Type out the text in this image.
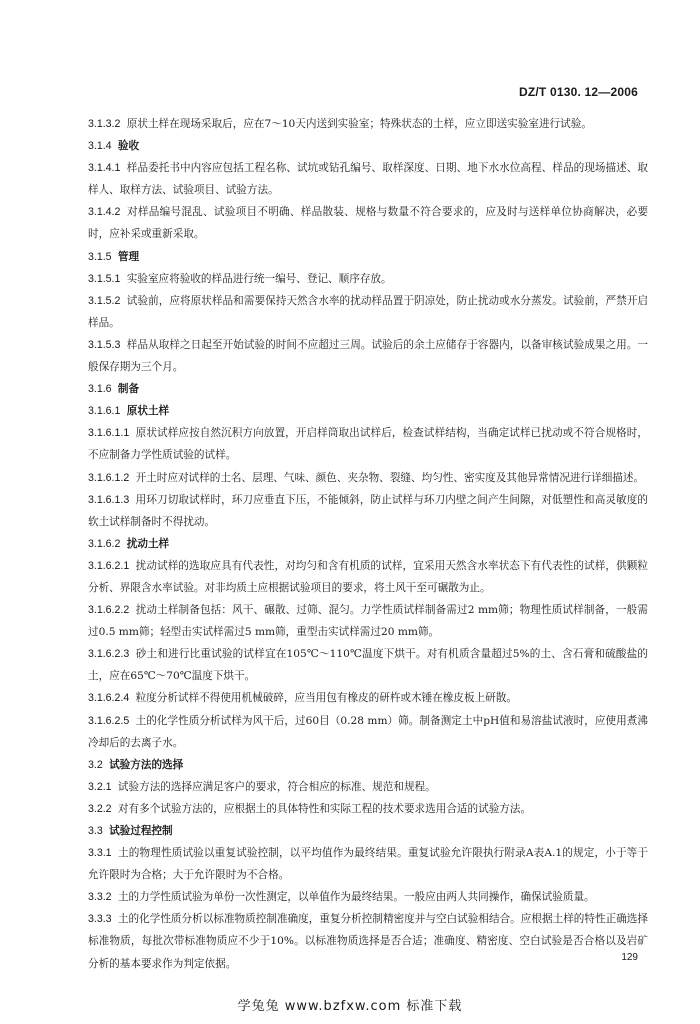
DZ/T 0130. 12—2006

3.1.3.2 原状土样在现场采取后，应在7～10天内送到实验室；特殊状态的土样，应立即送实验室进行试验。

3.1.4 验收

3.1.4.1 样品委托书中内容应包括工程名称、试坑或钻孔编号、取样深度、日期、地下水水位高程、样品的现场描述、取样人、取样方法、试验项目、试验方法。

3.1.4.2 对样品编号混乱、试验项目不明确、样品散装、规格与数量不符合要求的，应及时与送样单位协商解决，必要时，应补采或重新采取。

3.1.5 管理

3.1.5.1 实验室应将验收的样品进行统一编号、登记、顺序存放。

3.1.5.2 试验前，应将原状样品和需要保持天然含水率的扰动样品置于阴凉处，防止扰动或水分蒸发。试验前，严禁开启样品。

3.1.5.3 样品从取样之日起至开始试验的时间不应超过三周。试验后的余土应储存于容器内，以备审核试验成果之用。一般保存期为三个月。

3.1.6 制备

3.1.6.1 原状土样

3.1.6.1.1 原状试样应按自然沉积方向放置，开启样筒取出试样后，检查试样结构，当确定试样已扰动或不符合规格时，不应制备力学性质试验的试样。

3.1.6.1.2 开土时应对试样的土名、层理、气味、颜色、夹杂物、裂缝、均匀性、密实度及其他异常情况进行详细描述。

3.1.6.1.3 用环刀切取试样时，环刀应垂直下压，不能倾斜，防止试样与环刀内壁之间产生间隙，对低塑性和高灵敏度的软土试样制备时不得扰动。

3.1.6.2 扰动土样

3.1.6.2.1 扰动试样的选取应具有代表性，对均匀和含有机质的试样，宜采用天然含水率状态下有代表性的试样，供颗粒分析、界限含水率试验。对非均质土应根据试验项目的要求，将土风干至可碾散为止。

3.1.6.2.2 扰动土样制备包括：风干、碾散、过筛、混匀。力学性质试样制备需过2 mm筛；物理性质试样制备，一般需过0.5 mm筛；轻型击实试样需过5 mm筛，重型击实试样需过20 mm筛。

3.1.6.2.3 砂土和进行比重试验的试样宜在105℃～110℃温度下烘干。对有机质含量超过5%的土、含石膏和硫酸盐的土，应在65℃～70℃温度下烘干。

3.1.6.2.4 粒度分析试样不得使用机械破碎，应当用包有橡皮的研杵或木锤在橡皮板上研散。

3.1.6.2.5 土的化学性质分析试样为风干后，过60目（0.28 mm）筛。制备测定土中pH值和易溶盐试液时，应使用煮沸冷却后的去离子水。

3.2 试验方法的选择

3.2.1 试验方法的选择应满足客户的要求，符合相应的标准、规范和规程。

3.2.2 对有多个试验方法的，应根据土的具体特性和实际工程的技术要求选用合适的试验方法。

3.3 试验过程控制

3.3.1 土的物理性质试验以重复试验控制，以平均值作为最终结果。重复试验允许限执行附录A表A.1的规定，小于等于允许限时为合格；大于允许限时为不合格。

3.3.2 土的力学性质试验为单份一次性测定，以单值作为最终结果。一般应由两人共同操作，确保试验质量。

3.3.3 土的化学性质分析以标准物质控制准确度，重复分析控制精密度并与空白试验相结合。应根据土样的特性正确选择标准物质，每批次带标准物质应不少于10%。以标准物质选择是否合适；准确度、精密度、空白试验是否合格以及岩矿分析的基本要求作为判定依据。

129
学兔兔 www.bzfxw.com 标准下载
